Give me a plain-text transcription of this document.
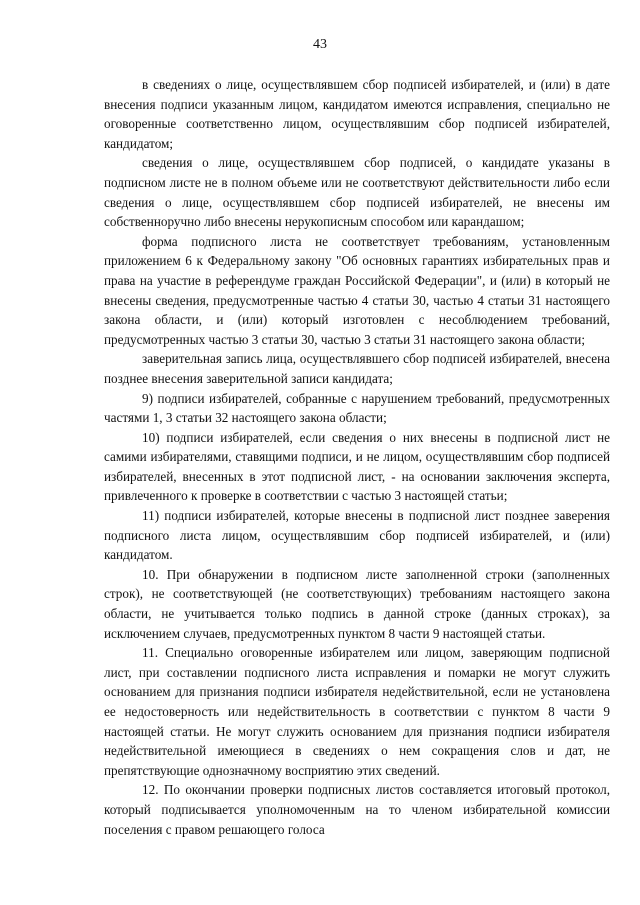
43

в сведениях о лице, осуществлявшем сбор подписей избирателей, и (или) в дате внесения подписи указанным лицом, кандидатом имеются исправления, специально не оговоренные соответственно лицом, осуществлявшим сбор подписей избирателей, кандидатом;

сведения о лице, осуществлявшем сбор подписей, о кандидате указаны в подписном листе не в полном объеме или не соответствуют действительности либо если сведения о лице, осуществлявшем сбор подписей избирателей, не внесены им собственноручно либо внесены нерукописным способом или карандашом;

форма подписного листа не соответствует требованиям, установленным приложением 6 к Федеральному закону "Об основных гарантиях избирательных прав и права на участие в референдуме граждан Российской Федерации", и (или) в который не внесены сведения, предусмотренные частью 4 статьи 30, частью 4 статьи 31 настоящего закона области, и (или) который изготовлен с несоблюдением требований, предусмотренных частью 3 статьи 30, частью 3 статьи 31 настоящего закона области;

заверительная запись лица, осуществлявшего сбор подписей избирателей, внесена позднее внесения заверительной записи кандидата;

9) подписи избирателей, собранные с нарушением требований, предусмотренных частями 1, 3 статьи 32 настоящего закона области;

10) подписи избирателей, если сведения о них внесены в подписной лист не самими избирателями, ставящими подписи, и не лицом, осуществлявшим сбор подписей избирателей, внесенных в этот подписной лист, - на основании заключения эксперта, привлеченного к проверке в соответствии с частью 3 настоящей статьи;

11) подписи избирателей, которые внесены в подписной лист позднее заверения подписного листа лицом, осуществлявшим сбор подписей избирателей, и (или) кандидатом.

10. При обнаружении в подписном листе заполненной строки (заполненных строк), не соответствующей (не соответствующих) требованиям настоящего закона области, не учитывается только подпись в данной строке (данных строках), за исключением случаев, предусмотренных пунктом 8 части 9 настоящей статьи.

11. Специально оговоренные избирателем или лицом, заверяющим подписной лист, при составлении подписного листа исправления и помарки не могут служить основанием для признания подписи избирателя недействительной, если не установлена ее недостоверность или недействительность в соответствии с пунктом 8 части 9 настоящей статьи. Не могут служить основанием для признания подписи избирателя недействительной имеющиеся в сведениях о нем сокращения слов и дат, не препятствующие однозначному восприятию этих сведений.

12. По окончании проверки подписных листов составляется итоговый протокол, который подписывается уполномоченным на то членом избирательной комиссии поселения с правом решающего голоса
